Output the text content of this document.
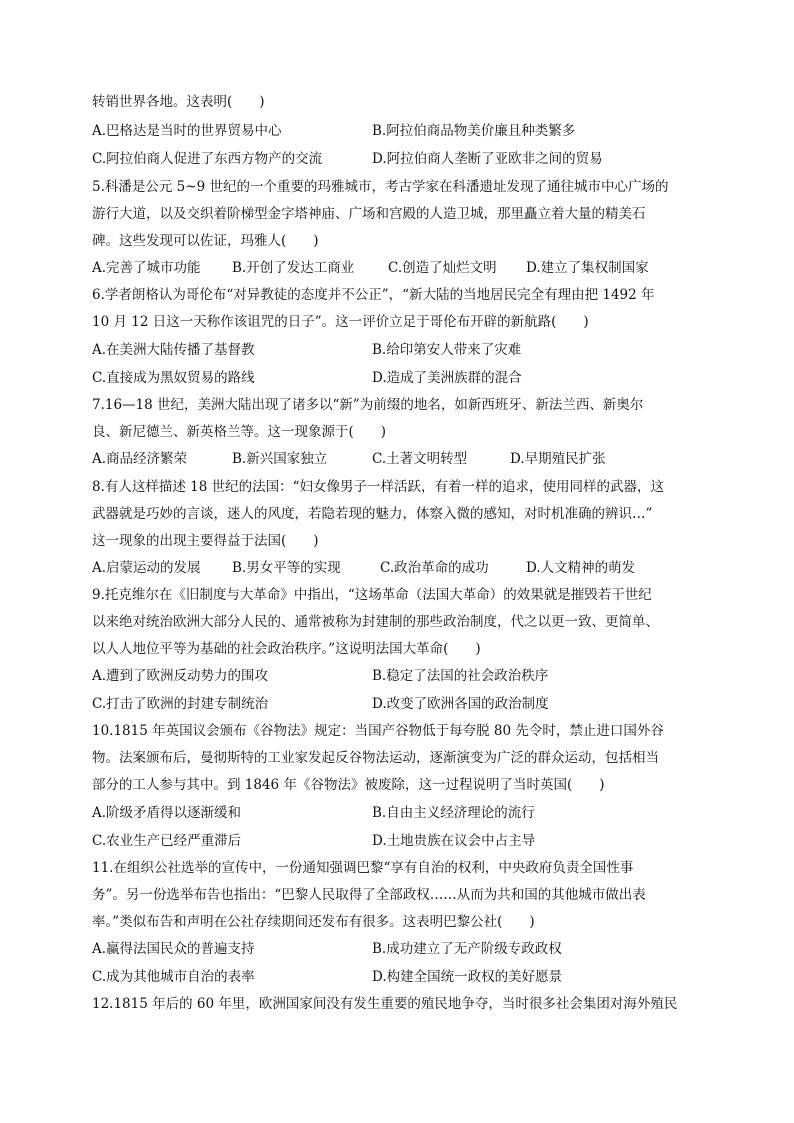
转销世界各地。这表明(　　)
A.巴格达是当时的世界贸易中心	B.阿拉伯商品物美价廉且种类繁多
C.阿拉伯商人促进了东西方物产的交流	D.阿拉伯商人垄断了亚欧非之间的贸易
5.科潘是公元 5~9 世纪的一个重要的玛雅城市，考古学家在科潘遗址发现了通往城市中心广场的
游行大道，以及交织着阶梯型金字塔神庙、广场和宫殿的人造卫城，那里矗立着大量的精美石
碑。这些发现可以佐证，玛雅人(　　)
A.完善了城市功能 B.开创了发达工商业	C.创造了灿烂文明 D.建立了集权制国家
6.学者朗格认为哥伦布“对异教徒的态度并不公正”，“新大陆的当地居民完全有理由把 1492 年
10 月 12 日这一天称作该诅咒的日子”。这一评价立足于哥伦布开辟的新航路(　　)
A.在美洲大陆传播了基督教	B.给印第安人带来了灾难
C.直接成为黑奴贸易的路线	D.造成了美洲族群的混合
7.16—18 世纪，美洲大陆出现了诸多以“新”为前缀的地名，如新西班牙、新法兰西、新奥尔
良、新尼德兰、新英格兰等。这一现象源于(　　)
A.商品经济繁荣	B.新兴国家独立	C.土著文明转型	D.早期殖民扩张
8.有人这样描述 18 世纪的法国：“妇女像男子一样活跃，有着一样的追求，使用同样的武器，这
武器就是巧妙的言谈，迷人的风度，若隐若现的魅力，体察入微的感知，对时机准确的辨识…”
这一现象的出现主要得益于法国(　　)
A.启蒙运动的发展 B.男女平等的实现	C.政治革命的成功	D.人文精神的萌发
9.托克维尔在《旧制度与大革命》中指出，“这场革命（法国大革命）的效果就是摧毁若干世纪
以来绝对统治欧洲大部分人民的、通常被称为封建制的那些政治制度，代之以更一致、更简单、
以人人地位平等为基础的社会政治秩序。”这说明法国大革命(　　)
A.遭到了欧洲反动势力的围攻	B.稳定了法国的社会政治秩序
C.打击了欧洲的封建专制统治	D.改变了欧洲各国的政治制度
10.1815 年英国议会颁布《谷物法》规定：当国产谷物低于每夸脱 80 先令时，禁止进口国外谷
物。法案颁布后，曼彻斯特的工业家发起反谷物法运动，逐渐演变为广泛的群众运动，包括相当
部分的工人参与其中。到 1846 年《谷物法》被废除，这一过程说明了当时英国(　　)
A.阶级矛盾得以逐渐缓和	B.自由主义经济理论的流行
C.农业生产已经严重滞后	D.土地贵族在议会中占主导
11.在组织公社选举的宣传中，一份通知强调巴黎“享有自治的权利，中央政府负责全国性事
务”。另一份选举布告也指出：“巴黎人民取得了全部政权……从而为共和国的其他城市做出表
率。”类似布告和声明在公社存续期间还发布有很多。这表明巴黎公社(　　)
A.赢得法国民众的普遍支持	B.成功建立了无产阶级专政政权
C.成为其他城市自治的表率	D.构建全国统一政权的美好愿景
12.1815 年后的 60 年里，欧洲国家间没有发生重要的殖民地争夺，当时很多社会集团对海外殖民
